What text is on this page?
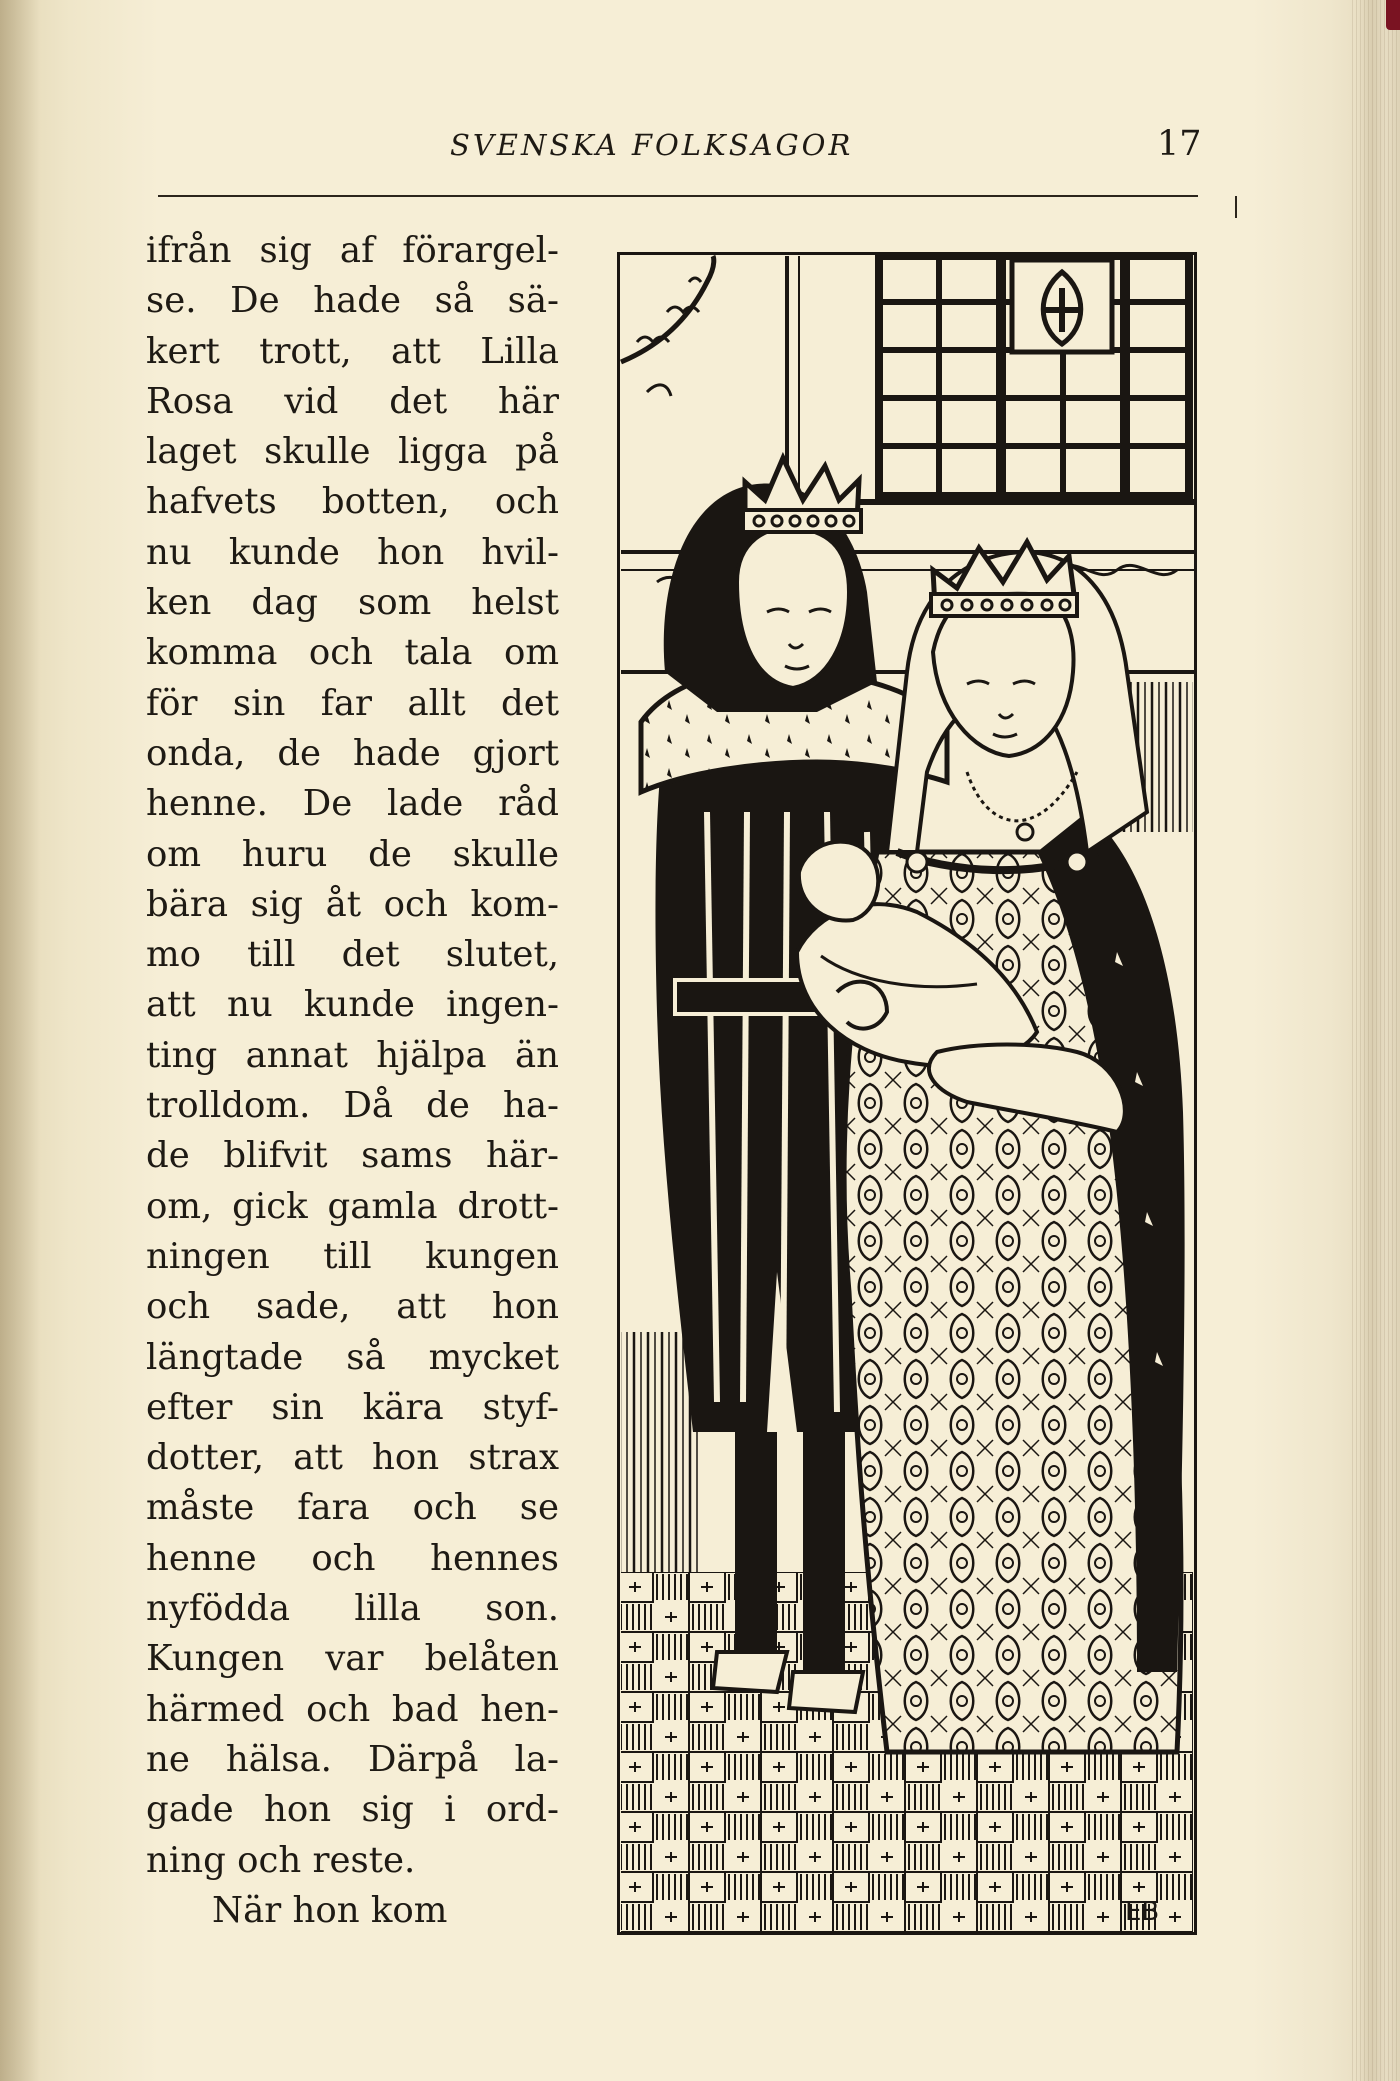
SVENSKA FOLKSAGOR	17
ifrån sig af förargel-
se. De hade så sä-
kert trott, att Lilla
Rosa vid det här
laget skulle ligga på
hafvets botten, och
nu kunde hon hvil-
ken dag som helst
komma och tala om
för sin far allt det
onda, de hade gjort
henne. De lade råd
om huru de skulle
bära sig åt och kom-
mo till det slutet,
att nu kunde ingen-
ting annat hjälpa än
trolldom. Då de ha-
de blifvit sams här-
om, gick gamla drott-
ningen till kungen
och sade, att hon
längtade så mycket
efter sin kära styf-
dotter, att hon strax
måste fara och se
henne och hennes
nyfödda lilla son.
Kungen var belåten
härmed och bad hen-
ne hälsa. Därpå la-
gade hon sig i ord-
ning och reste.
När hon kom	EB
